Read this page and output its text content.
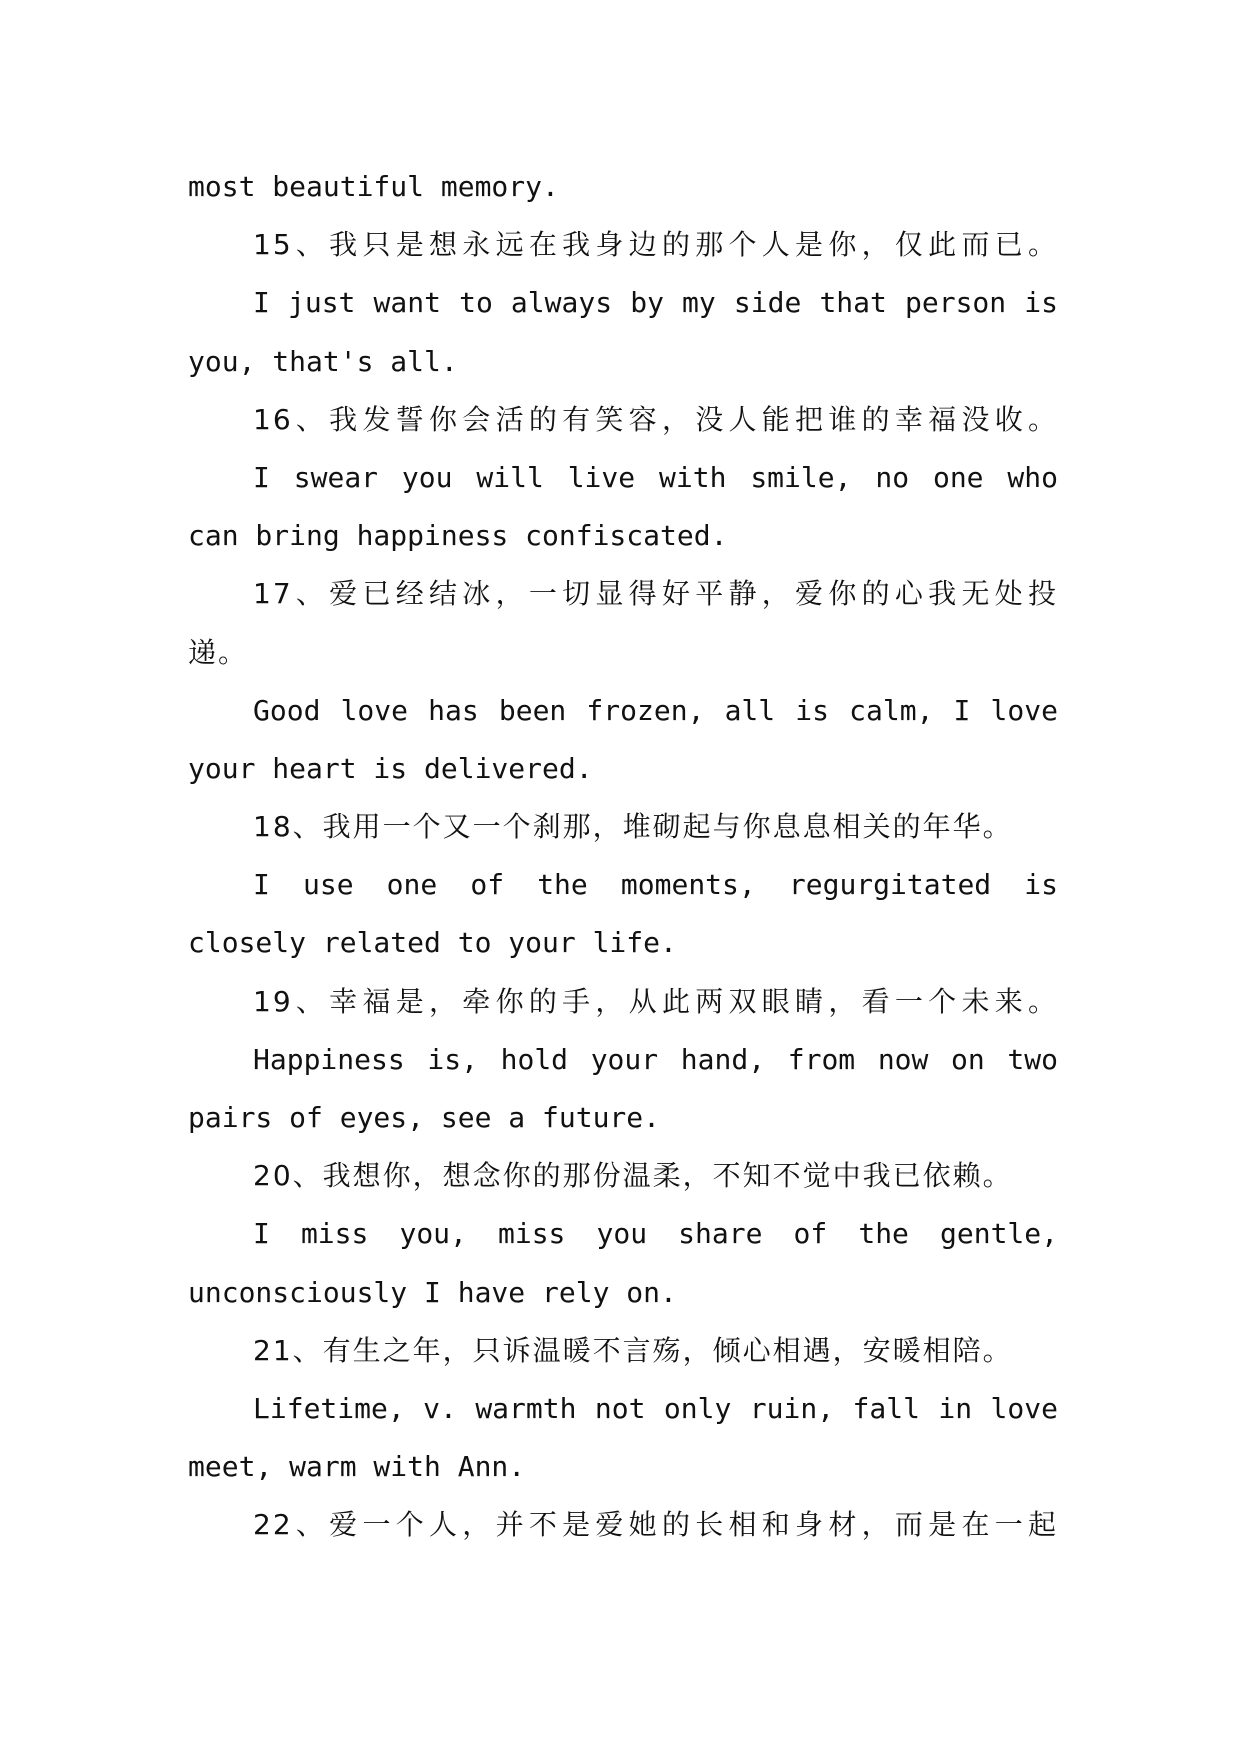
most beautiful memory.
15、我只是想永远在我身边的那个人是你，仅此而已。
I just want to always by my side that person is
you, that's all.
16、我发誓你会活的有笑容，没人能把谁的幸福没收。
I swear you will live with smile, no one who
can bring happiness confiscated.
17、爱已经结冰，一切显得好平静，爱你的心我无处投
递。
Good love has been frozen, all is calm, I love
your heart is delivered.
18、我用一个又一个刹那，堆砌起与你息息相关的年华。
I use one of the moments, regurgitated is
closely related to your life.
19、幸福是，牵你的手，从此两双眼睛，看一个未来。
Happiness is, hold your hand, from now on two
pairs of eyes, see a future.
20、我想你，想念你的那份温柔，不知不觉中我已依赖。
I miss you, miss you share of the gentle,
unconsciously I have rely on.
21、有生之年，只诉温暖不言殇，倾心相遇，安暖相陪。
Lifetime, v. warmth not only ruin, fall in love
meet, warm with Ann.
22、爱一个人，并不是爱她的长相和身材，而是在一起
